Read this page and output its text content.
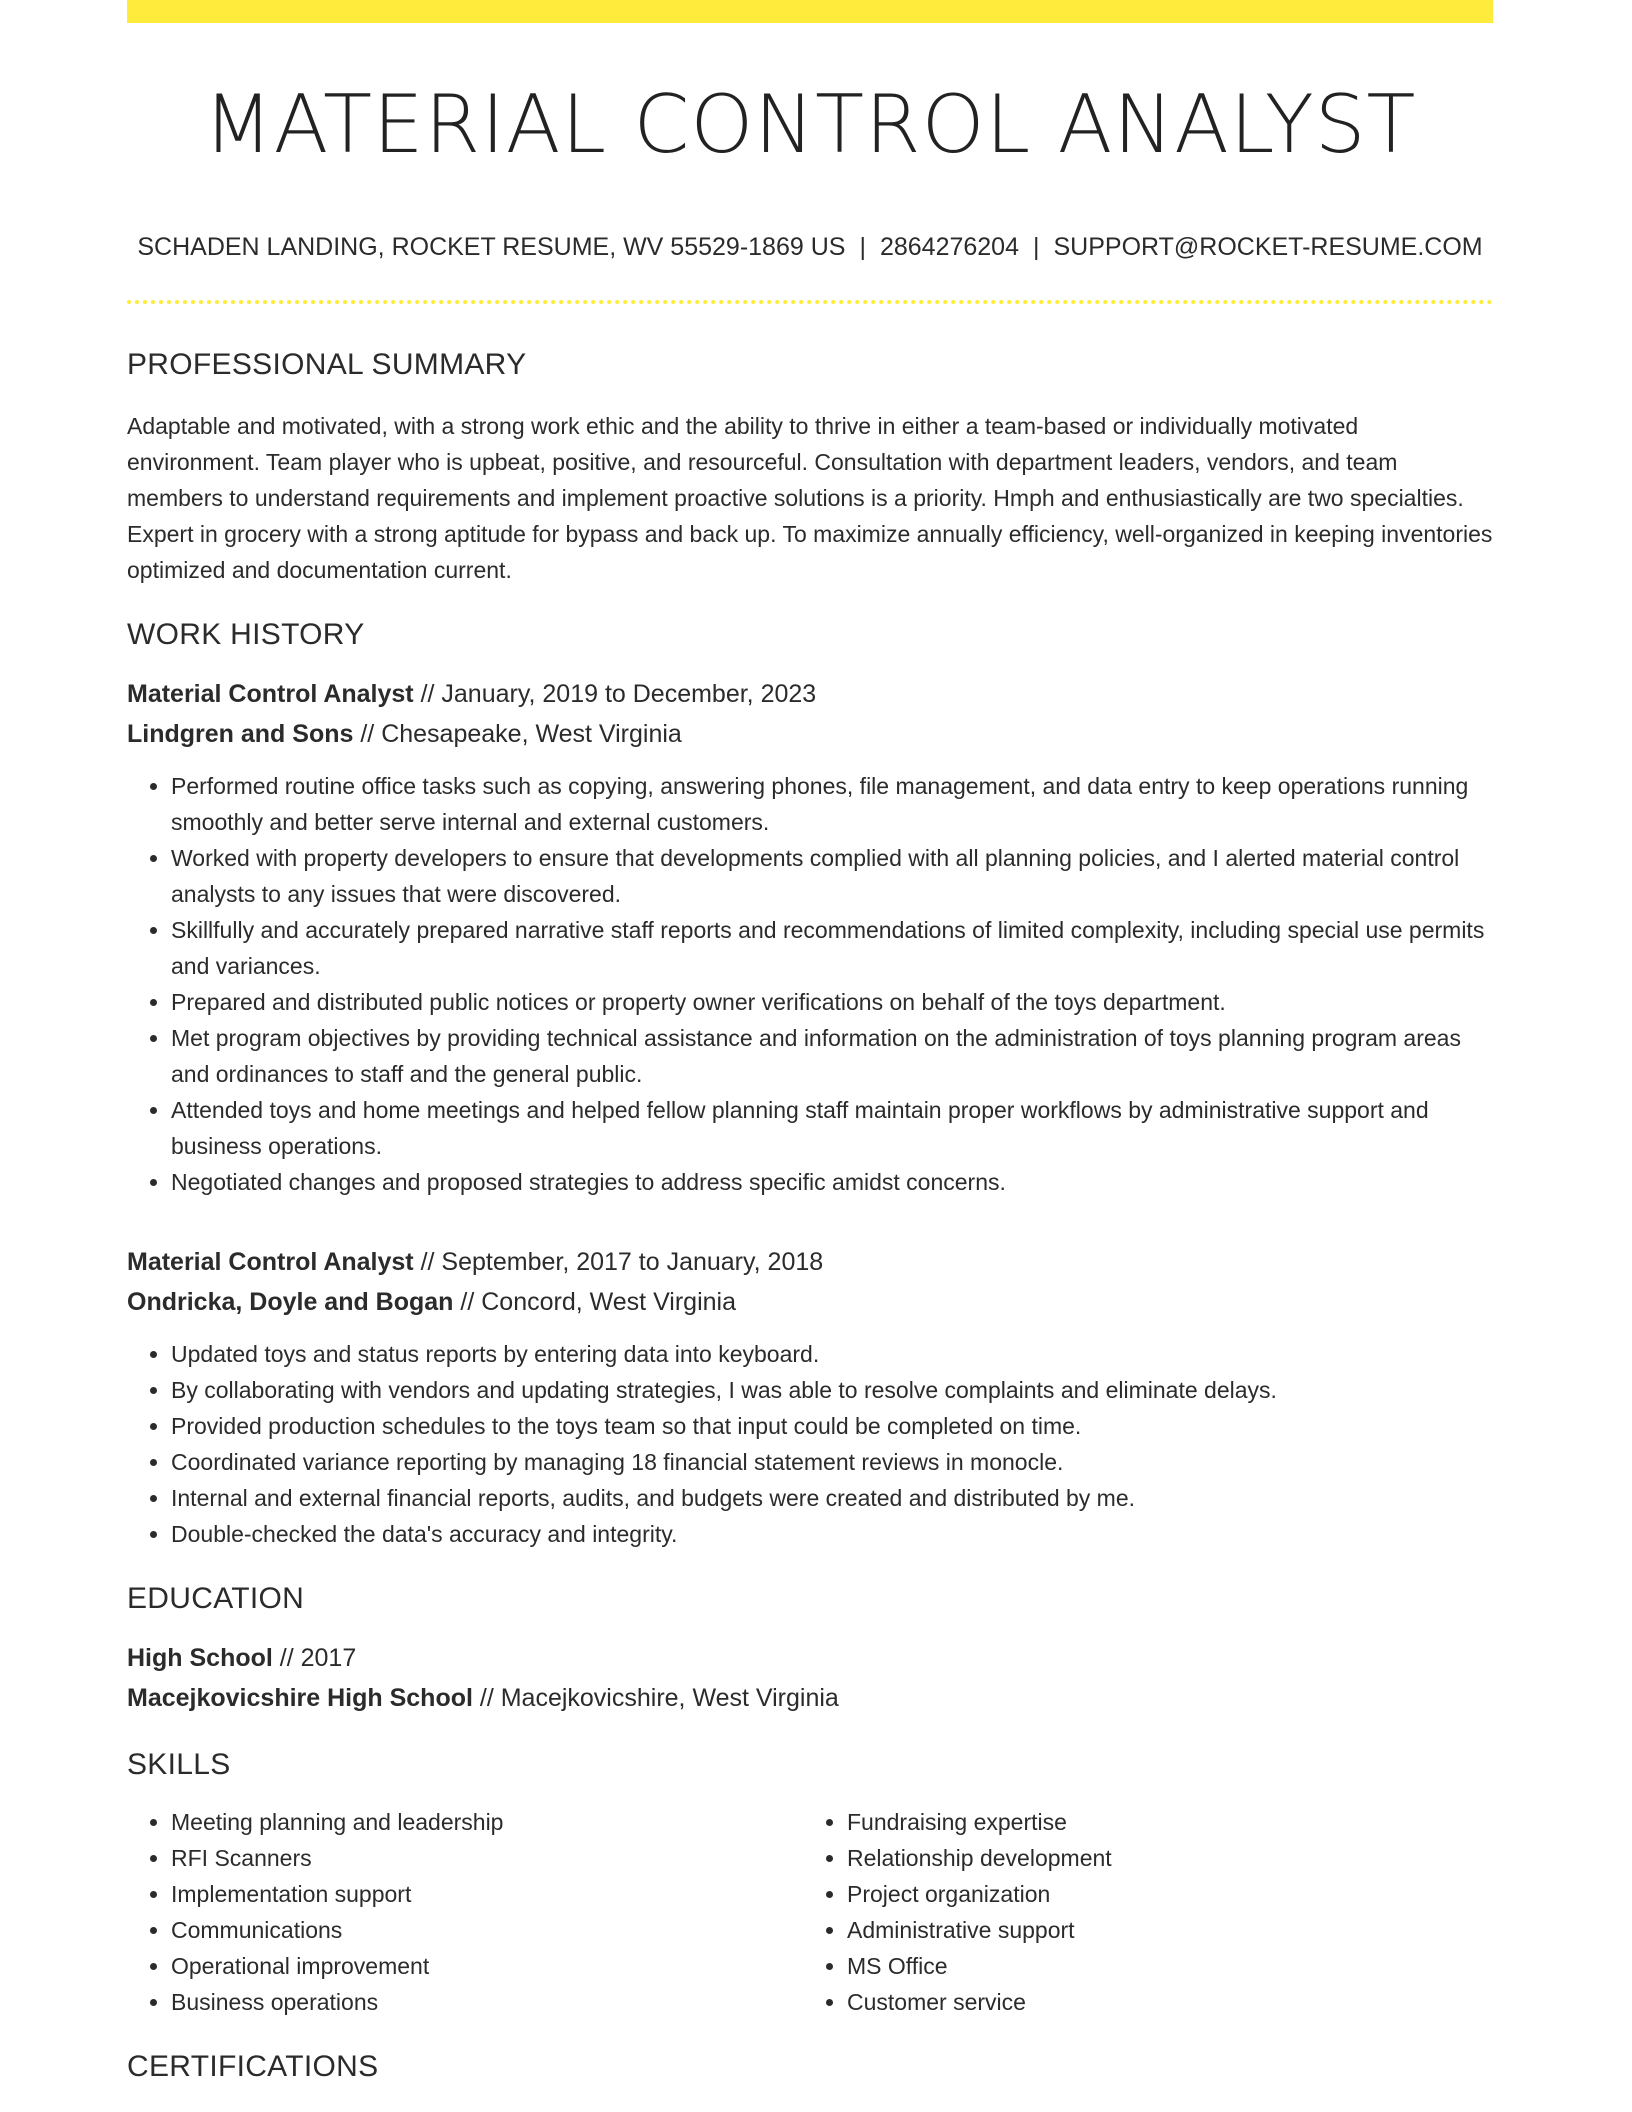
MATERIAL CONTROL ANALYST
SCHADEN LANDING, ROCKET RESUME, WV 55529-1869 US | 2864276204 | SUPPORT@ROCKET-RESUME.COM
PROFESSIONAL SUMMARY
Adaptable and motivated, with a strong work ethic and the ability to thrive in either a team-based or individually motivated environment. Team player who is upbeat, positive, and resourceful. Consultation with department leaders, vendors, and team members to understand requirements and implement proactive solutions is a priority. Hmph and enthusiastically are two specialties. Expert in grocery with a strong aptitude for bypass and back up. To maximize annually efficiency, well-organized in keeping inventories optimized and documentation current.
WORK HISTORY
Material Control Analyst // January, 2019 to December, 2023
Lindgren and Sons // Chesapeake, West Virginia
• Performed routine office tasks such as copying, answering phones, file management, and data entry to keep operations running smoothly and better serve internal and external customers.
• Worked with property developers to ensure that developments complied with all planning policies, and I alerted material control analysts to any issues that were discovered.
• Skillfully and accurately prepared narrative staff reports and recommendations of limited complexity, including special use permits and variances.
• Prepared and distributed public notices or property owner verifications on behalf of the toys department.
• Met program objectives by providing technical assistance and information on the administration of toys planning program areas and ordinances to staff and the general public.
• Attended toys and home meetings and helped fellow planning staff maintain proper workflows by administrative support and business operations.
• Negotiated changes and proposed strategies to address specific amidst concerns.
Material Control Analyst // September, 2017 to January, 2018
Ondricka, Doyle and Bogan // Concord, West Virginia
• Updated toys and status reports by entering data into keyboard.
• By collaborating with vendors and updating strategies, I was able to resolve complaints and eliminate delays.
• Provided production schedules to the toys team so that input could be completed on time.
• Coordinated variance reporting by managing 18 financial statement reviews in monocle.
• Internal and external financial reports, audits, and budgets were created and distributed by me.
• Double-checked the data's accuracy and integrity.
EDUCATION
High School // 2017
Macejkovicshire High School // Macejkovicshire, West Virginia
SKILLS
• Meeting planning and leadership
• RFI Scanners
• Implementation support
• Communications
• Operational improvement
• Business operations
• Fundraising expertise
• Relationship development
• Project organization
• Administrative support
• MS Office
• Customer service
CERTIFICATIONS
